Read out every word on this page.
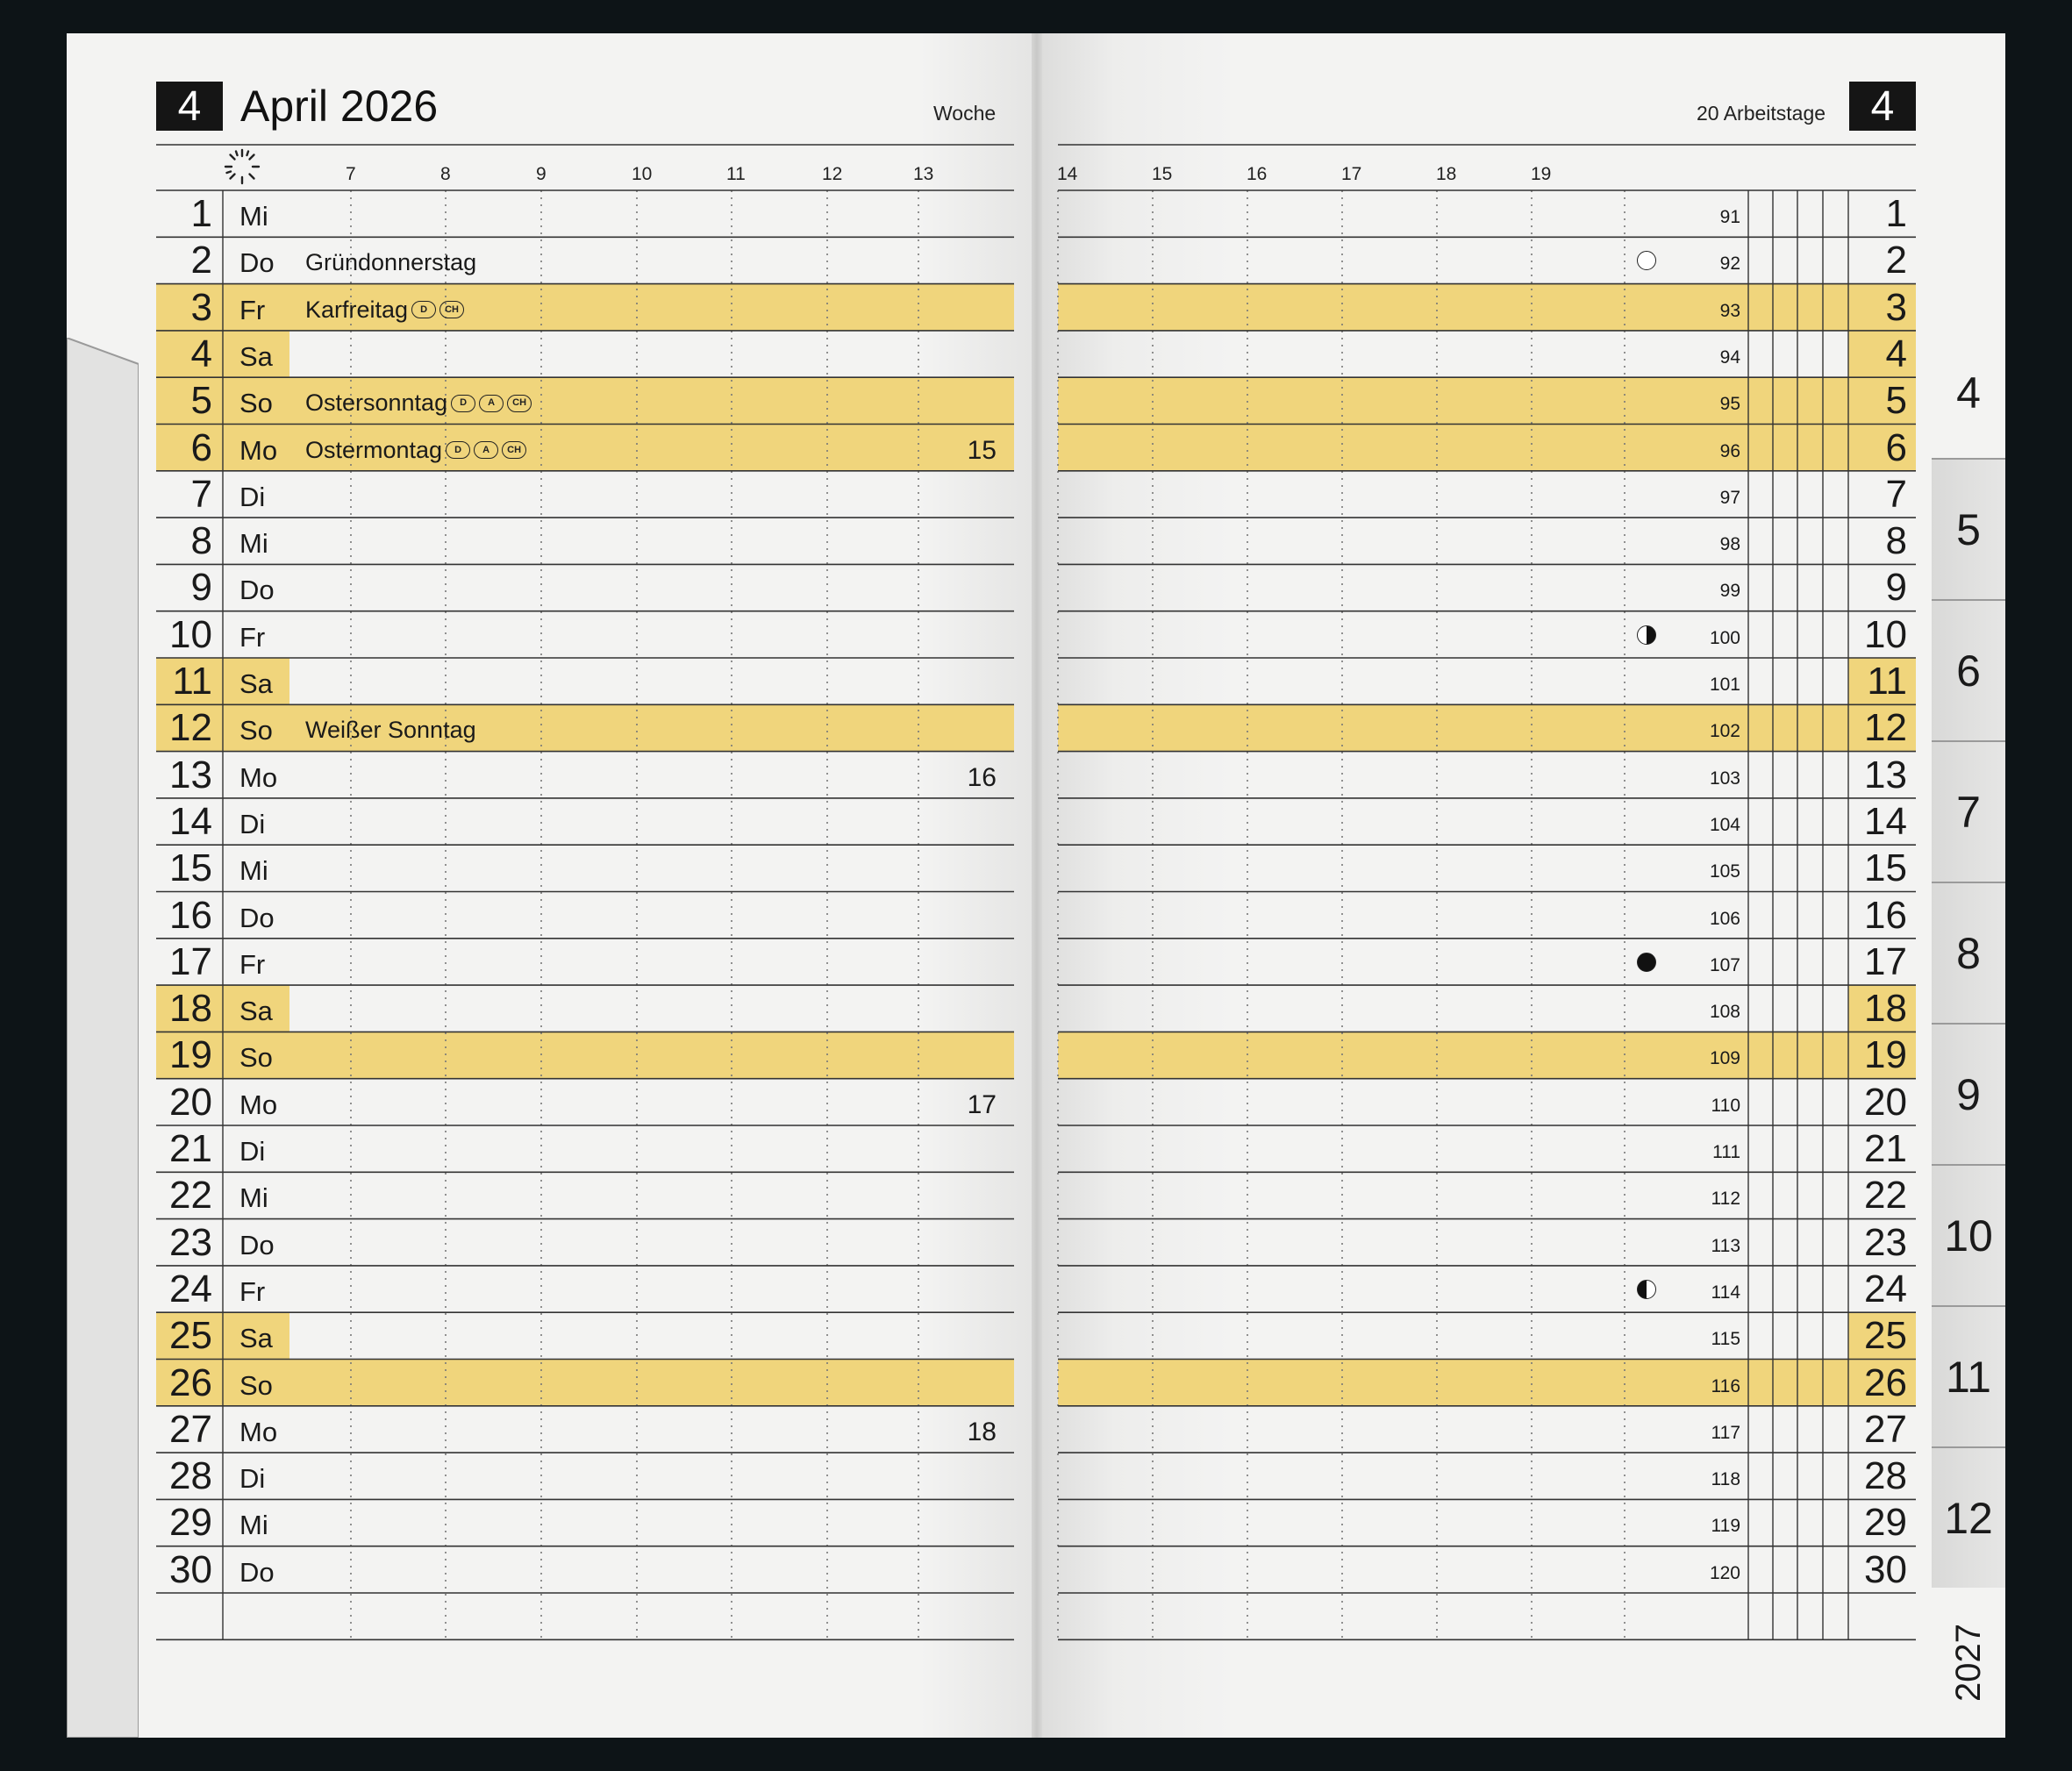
4 April 2026	Woche	20 Arbeitstage 4
7	8	9	10	11	12	13	14	15	16	17	18	19
1 Mi
2 Do Gründonnerstag
3 Fr Karfreitag	D	CH
4 Sa
5 So Ostersonntag	D	A	CH
6 Mo Ostermontag	D	A	CH	15
7 Di
8 Mi
9 Do
10 Fr
11 Sa
12 So Weißer Sonntag
13 Mo	16
14 Di
15 Mi
16 Do
17 Fr
18 Sa
19 So
20 Mo	17
21 Di
22 Mi
23 Do
24 Fr
25 Sa
26 So
27 Mo	18
28 Di
29 Mi
30 Do
91	1
92	2
93	3
94	4
95	5
96	6
97	7
98	8
99	9
100	10
101	11
102	12
103	13
104	14
105	15
106	16
107	17
108	18
109	19
110	20
111	21
112	22
113	23
114	24
115	25
116	26
117	27
118	28
119	29
120	30
4
5
6
7
8
9
10
11
12
2027
